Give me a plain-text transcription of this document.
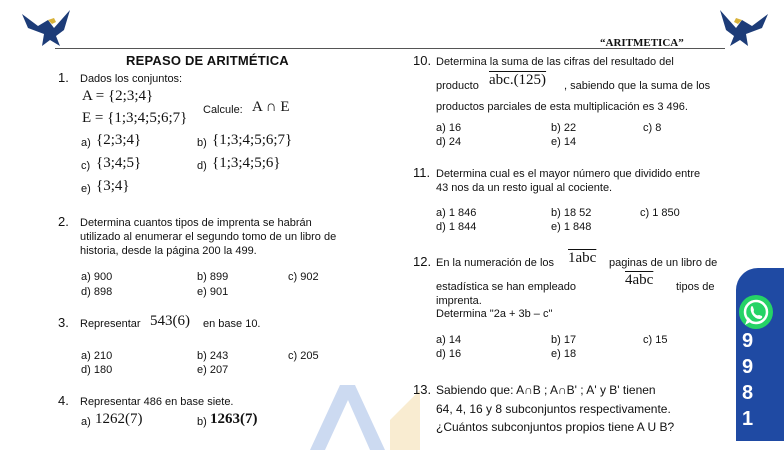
“ARITMETICA”
REPASO DE ARITMÉTICA
1. Dados los conjuntos:
A = {2;3;4}
E = {1;3;4;5;6;7} Calcule: A ∩ E
a) {2;3;4}	b) {1;3;4;5;6;7}
c) {3;4;5}	d) {1;3;4;5;6}
e) {3;4}
2. Determina cuantos tipos de imprenta se habrán
utilizado al enumerar el segundo tomo de un libro de
historia, desde la página 200 la 499.
a) 900	b) 899	c) 902
d) 898	e) 901
3. Representar 543(6) en base 10.
a) 210	b) 243	c) 205
d) 180	e) 207
4. Representar 486 en base siete.
a) 1262(7)	b) 1263(7)
10. Determina la suma de las cifras del resultado del
producto abc.(125) , sabiendo que la suma de los
productos parciales de esta multiplicación es 3 496.
a) 16	b) 22	c) 8
d) 24	e) 14
11. Determina cual es el mayor número que dividido entre
43 nos da un resto igual al cociente.
a) 1 846	b) 18 52	c) 1 850
d) 1 844	e) 1 848
12. En la numeración de los 1abc paginas de un libro de
estadística se han empleado	4abc tipos de
imprenta.
Determina "2a + 3b – c"
a) 14	b) 17	c) 15
d) 16	e) 18
13. Sabiendo que: A∩B ; A∩B' ; A' y B' tienen
64, 4, 16 y 8 subconjuntos respectivamente.
¿Cuántos subconjuntos propios tiene A U B?
9
9
8
1
